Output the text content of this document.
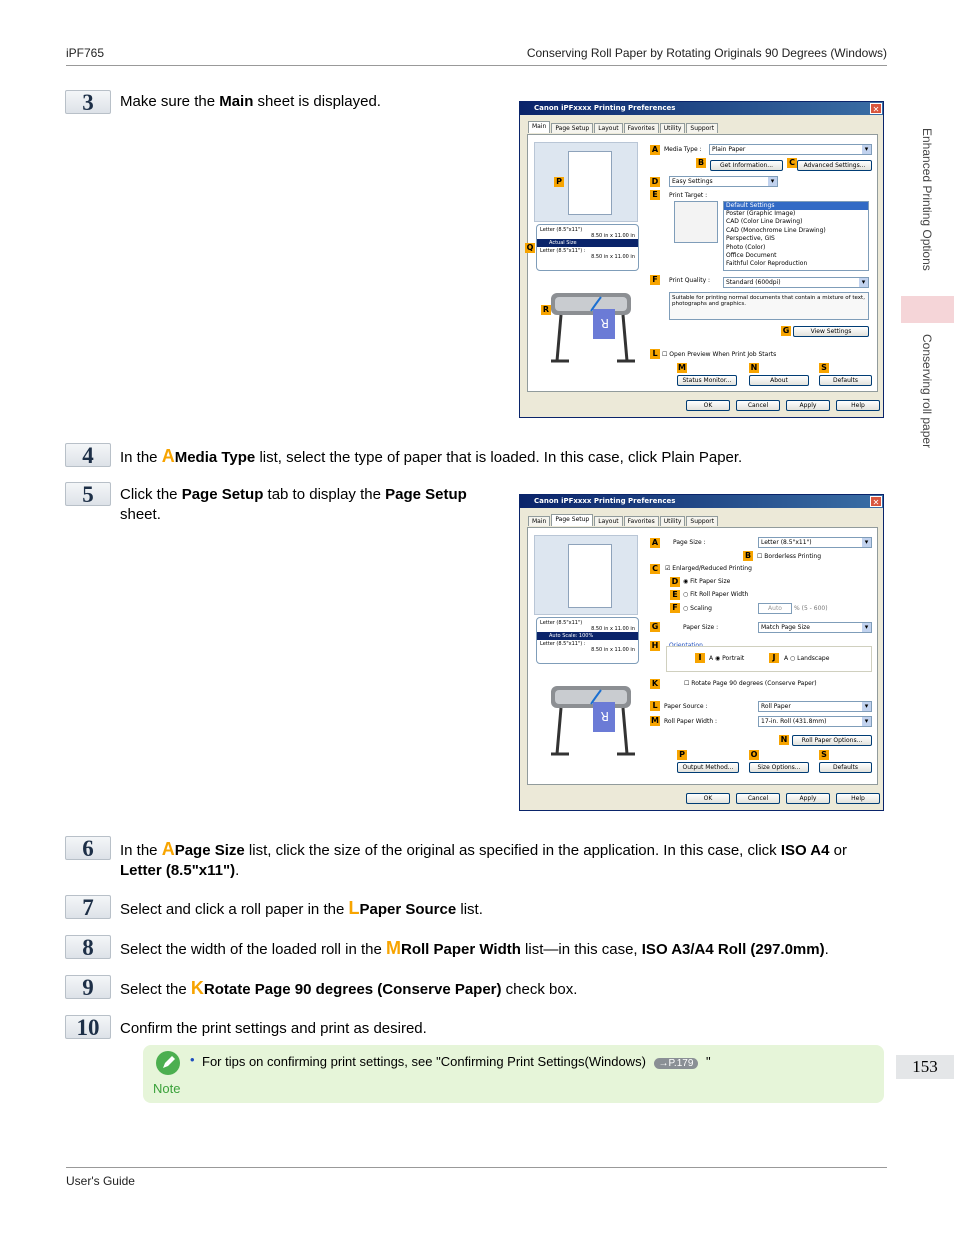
iPF765	Conserving Roll Paper by Rotating Originals 90 Degrees (Windows)
Enhanced Printing Options
Conserving roll paper
153
3	Make sure the Main sheet is displayed.	Canon iPFxxxx Printing Preferences	✕
Main	Page Setup	Layout	Favorites	Utility	Support
P
Letter (8.5"x11")
8.50 in x 11.00 in
Actual Size
Letter (8.5"x11") :
8.50 in x 11.00 in
Q
R
R
A Media Type :	Plain Paper ▾
B	Get Information...	C	Advanced Settings...
D	Easy Settings ▾
E	Print Target :
Default Settings
Poster (Graphic Image)
CAD (Color Line Drawing)
CAD (Monochrome Line Drawing)
Perspective, GIS
Photo (Color)
Office Document
Faithful Color Reproduction
F	Print Quality :	Standard (600dpi) ▾
Suitable for printing normal documents that contain a mixture of text, photographs and graphics.
G	View Settings
L ☐ Open Preview When Print Job Starts
M	N	S
Status Monitor...	About	Defaults
OK	Cancel	Apply	Help
4	In the AMedia Type list, select the type of paper that is loaded. In this case, click Plain Paper.
5	Click the Page Setup tab to display the Page Setup
sheet.
Canon iPFxxxx Printing Preferences	✕
Main	Page Setup	Layout	Favorites	Utility	Support
Letter (8.5"x11")
8.50 in x 11.00 in
Auto Scale: 100%
Letter (8.5"x11") :
8.50 in x 11.00 in
R
A	Page Size :	Letter (8.5"x11") ▾
B ☐ Borderless Printing
C	☑ Enlarged/Reduced Printing
D ◉ Fit Paper Size
E ○ Fit Roll Paper Width
F ○ Scaling	Auto	% (5 - 600)
G	Paper Size :	Match Page Size ▾
H
I	A ◉ Portrait	J	A ○ Landscape
K	☐ Rotate Page 90 degrees (Conserve Paper)
L	Paper Source :	Roll Paper ▾
M Roll Paper Width :	17-in. Roll (431.8mm) ▾
N	Roll Paper Options...
P	O	S
Output Method...	Size Options...	Defaults
OK	Cancel	Apply	Help
6	In the APage Size list, click the size of the original as specified in the application. In this case, click ISO A4 or
Letter (8.5"x11").
7	Select and click a roll paper in the LPaper Source list.
8	Select the width of the loaded roll in the MRoll Paper Width list—in this case, ISO A3/A4 Roll (297.0mm).
9	Select the KRotate Page 90 degrees (Conserve Paper) check box.
10	Confirm the print settings and print as desired.
Note
• For tips on confirming print settings, see "Confirming Print Settings(Windows) →P.179 "
User's Guide
